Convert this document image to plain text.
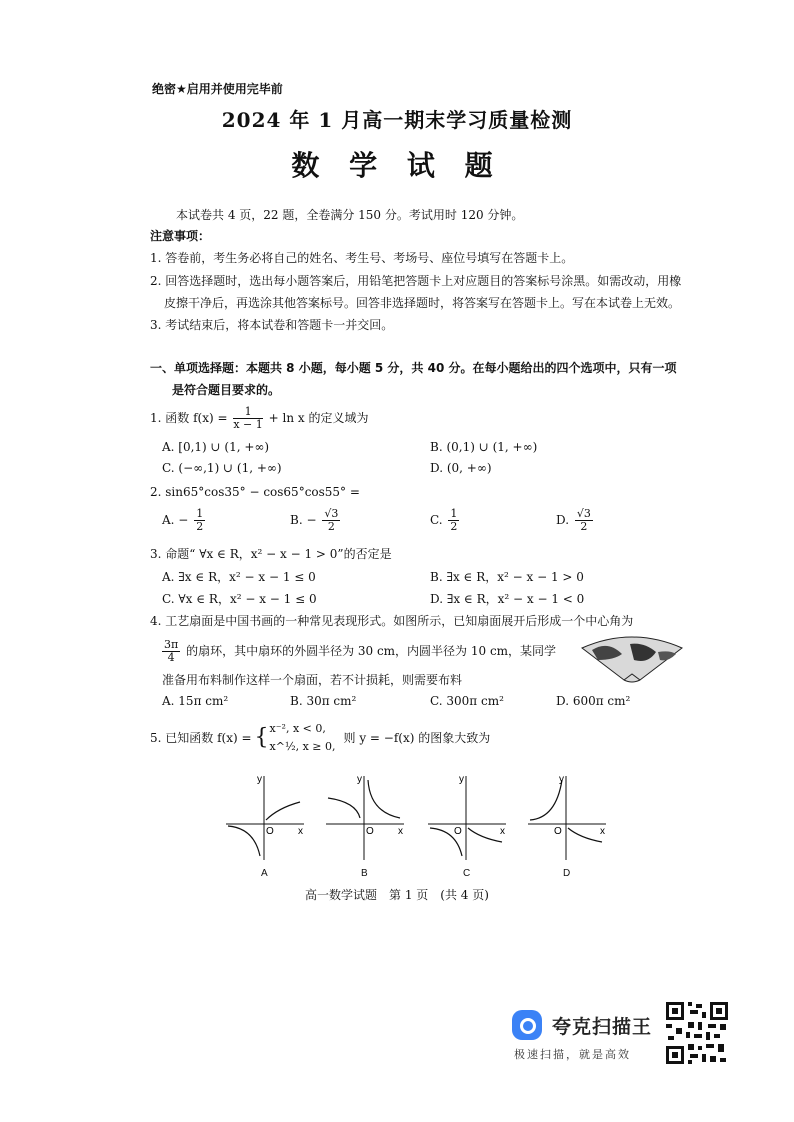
绝密★启用并使用完毕前
2024 年 1 月高一期末学习质量检测
数 学 试 题
本试卷共 4 页，22 题，全卷满分 150 分。考试用时 120 分钟。
注意事项：
1. 答卷前，考生务必将自己的姓名、考生号、考场号、座位号填写在答题卡上。
2. 回答选择题时，选出每小题答案后，用铅笔把答题卡上对应题目的答案标号涂黑。如需改动，用橡
皮擦干净后，再选涂其他答案标号。回答非选择题时，将答案写在答题卡上。写在本试卷上无效。
3. 考试结束后，将本试卷和答题卡一并交回。
一、单项选择题：本题共 8 小题，每小题 5 分，共 40 分。在每小题给出的四个选项中，只有一项
是符合题目要求的。
1. 函数 $f(x) = \frac{1}{x - 1} + \ln x$ 的定义域为
A. [0,1) ∪ (1, +∞)	B. (0,1) ∪ (1, +∞)
C. (−∞,1) ∪ (1, +∞)	D. (0, +∞)
2. sin65°cos35° − cos65°cos55° =
A. − $\frac{1}{2}$	B. − $\frac{√3}{2}$	C. $\frac{1}{2}$	D. $\frac{√3}{2}$
3. 命题“ ∀x ∈ R，x² − x − 1 > 0”的否定是
A. ∃x ∈ R，x² − x − 1 ≤ 0	B. ∃x ∈ R，x² − x − 1 > 0
C. ∀x ∈ R，x² − x − 1 ≤ 0	D. ∃x ∈ R，x² − x − 1 < 0
4. 工艺扇面是中国书画的一种常见表现形式。如图所示，已知扇面展开后形成一个中心角为
$\frac{3\pi}{4}$ 的扇环，其中扇环的外圆半径为 30 cm，内圆半径为 10 cm，某同学
准备用布料制作这样一个扇面，若不计损耗，则需要布料
A. 15π cm²	B. 30π cm²	C. 300π cm²	D. 600π cm²
5. 已知函数 f(x) = { x⁻², x < 0,
x^½, x ≥ 0,
则 y = −f(x) 的图象大致为
y
x
O
A
y
x
O
B
y
x
O
C
y
x
O
D
高一数学试题　第 1 页　(共 4 页)
夸克扫描王
极速扫描，就是高效
